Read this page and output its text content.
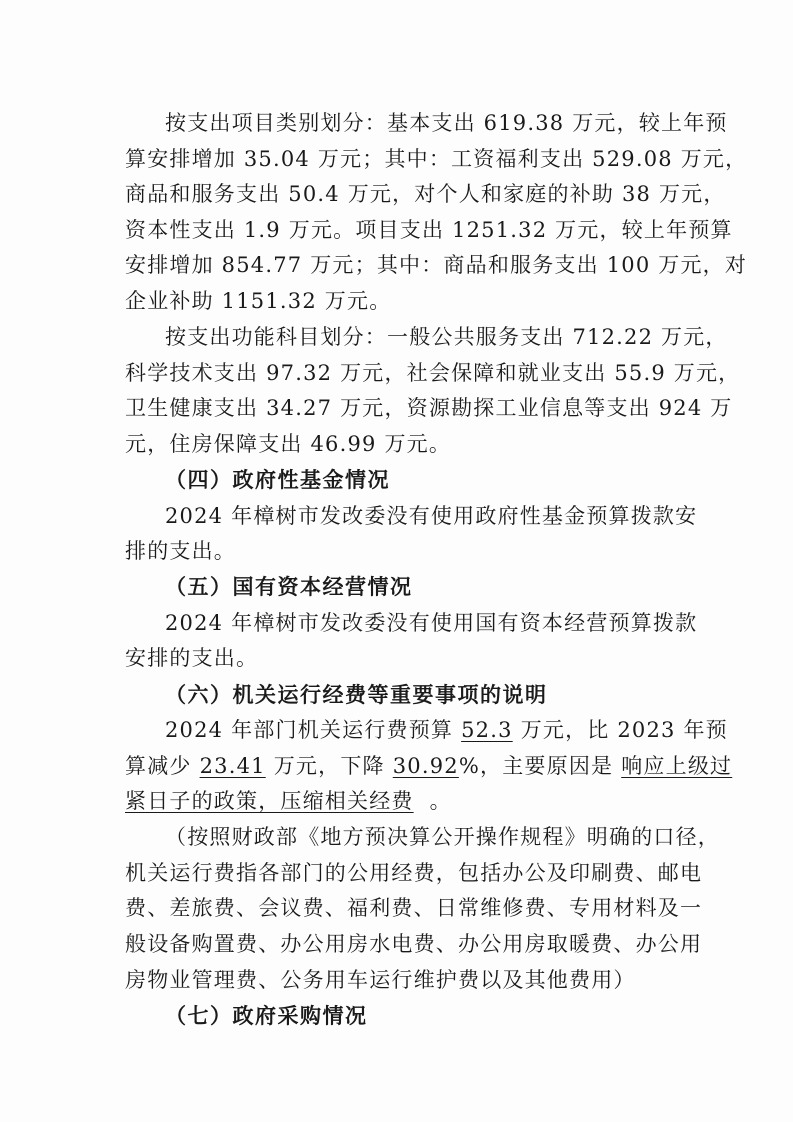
按支出项目类别划分：基本支出 619.38 万元，较上年预
算安排增加 35.04 万元；其中：工资福利支出 529.08 万元，
商品和服务支出 50.4 万元，对个人和家庭的补助 38 万元，
资本性支出 1.9 万元。项目支出 1251.32 万元，较上年预算
安排增加 854.77 万元；其中：商品和服务支出 100 万元，对
企业补助 1151.32 万元。
按支出功能科目划分：一般公共服务支出 712.22 万元，
科学技术支出 97.32 万元，社会保障和就业支出 55.9 万元，
卫生健康支出 34.27 万元，资源勘探工业信息等支出 924 万
元，住房保障支出 46.99 万元。
（四）政府性基金情况
2024 年樟树市发改委没有使用政府性基金预算拨款安
排的支出。
（五）国有资本经营情况
2024 年樟树市发改委没有使用国有资本经营预算拨款
安排的支出。
（六）机关运行经费等重要事项的说明
2024 年部门机关运行费预算 52.3 万元，比 2023 年预
算减少 23.41 万元，下降 30.92%，主要原因是 响应上级过
紧日子的政策，压缩相关经费 。
（按照财政部《地方预决算公开操作规程》明确的口径，
机关运行费指各部门的公用经费，包括办公及印刷费、邮电
费、差旅费、会议费、福利费、日常维修费、专用材料及一
般设备购置费、办公用房水电费、办公用房取暖费、办公用
房物业管理费、公务用车运行维护费以及其他费用）
（七）政府采购情况
